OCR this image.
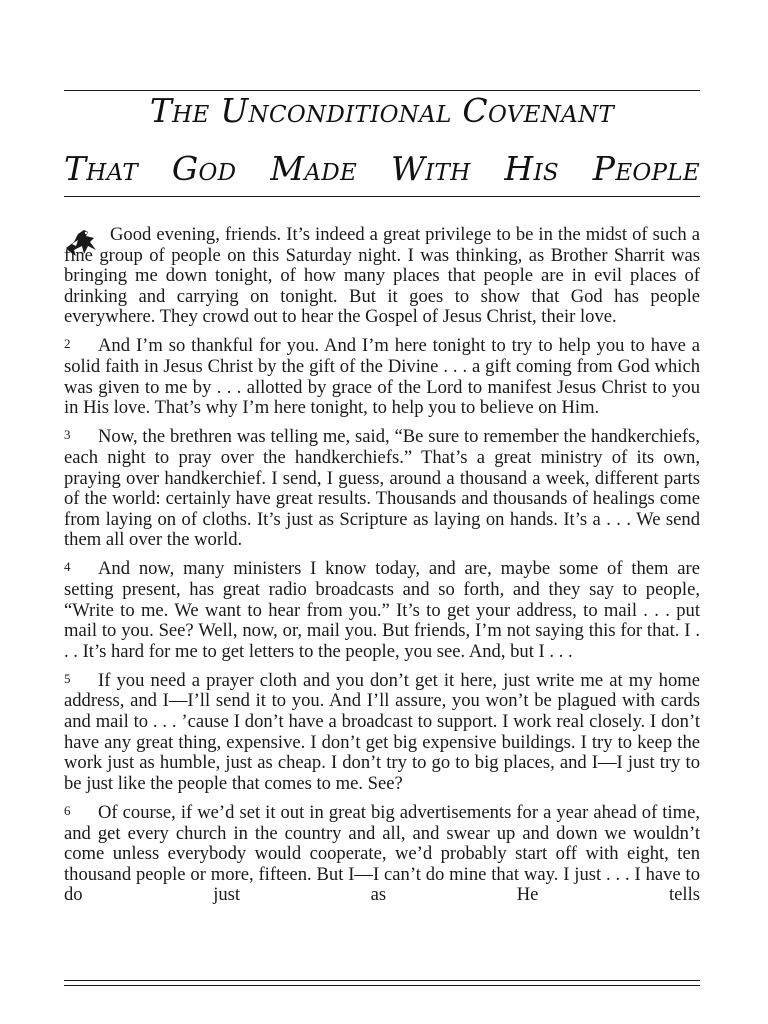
The Unconditional Covenant
That God Made With His People

Good evening, friends. It’s indeed a great privilege to be in the midst of such a fine group of people on this Saturday night. I was thinking, as Brother Sharrit was bringing me down tonight, of how many places that people are in evil places of drinking and carrying on tonight. But it goes to show that God has people everywhere. They crowd out to hear the Gospel of Jesus Christ, their love.

2 And I’m so thankful for you. And I’m here tonight to try to help you to have a solid faith in Jesus Christ by the gift of the Divine . . . a gift coming from God which was given to me by . . . allotted by grace of the Lord to manifest Jesus Christ to you in His love. That’s why I’m here tonight, to help you to believe on Him.

3 Now, the brethren was telling me, said, “Be sure to remember the handkerchiefs, each night to pray over the handkerchiefs.” That’s a great ministry of its own, praying over handkerchief. I send, I guess, around a thousand a week, different parts of the world: certainly have great results. Thousands and thousands of healings come from laying on of cloths. It’s just as Scripture as laying on hands. It’s a . . . We send them all over the world.

4 And now, many ministers I know today, and are, maybe some of them are setting present, has great radio broadcasts and so forth, and they say to people, “Write to me. We want to hear from you.” It’s to get your address, to mail . . . put mail to you. See? Well, now, or, mail you. But friends, I’m not saying this for that. I . . . It’s hard for me to get letters to the people, you see. And, but I . . .

5 If you need a prayer cloth and you don’t get it here, just write me at my home address, and I—I’ll send it to you. And I’ll assure, you won’t be plagued with cards and mail to . . . ’cause I don’t have a broadcast to support. I work real closely. I don’t have any great thing, expensive. I don’t get big expensive buildings. I try to keep the work just as humble, just as cheap. I don’t try to go to big places, and I—I just try to be just like the people that comes to me. See?

6 Of course, if we’d set it out in great big advertisements for a year ahead of time, and get every church in the country and all, and swear up and down we wouldn’t come unless everybody would cooperate, we’d probably start off with eight, ten thousand people or more, fifteen. But I—I can’t do mine that way. I just . . . I have to do just as He tells
